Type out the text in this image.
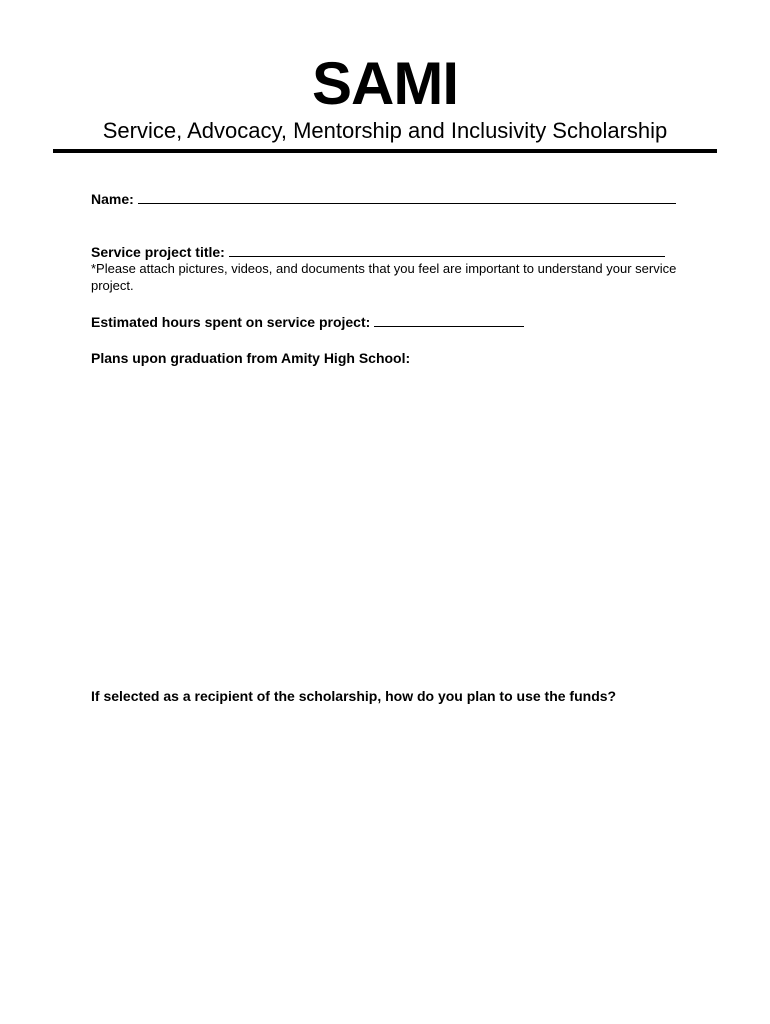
SAMI
Service, Advocacy, Mentorship and Inclusivity Scholarship
Name:
Service project title:
*Please attach pictures, videos, and documents that you feel are important to understand your service project.
Estimated hours spent on service project:
Plans upon graduation from Amity High School:
If selected as a recipient of the scholarship, how do you plan to use the funds?
